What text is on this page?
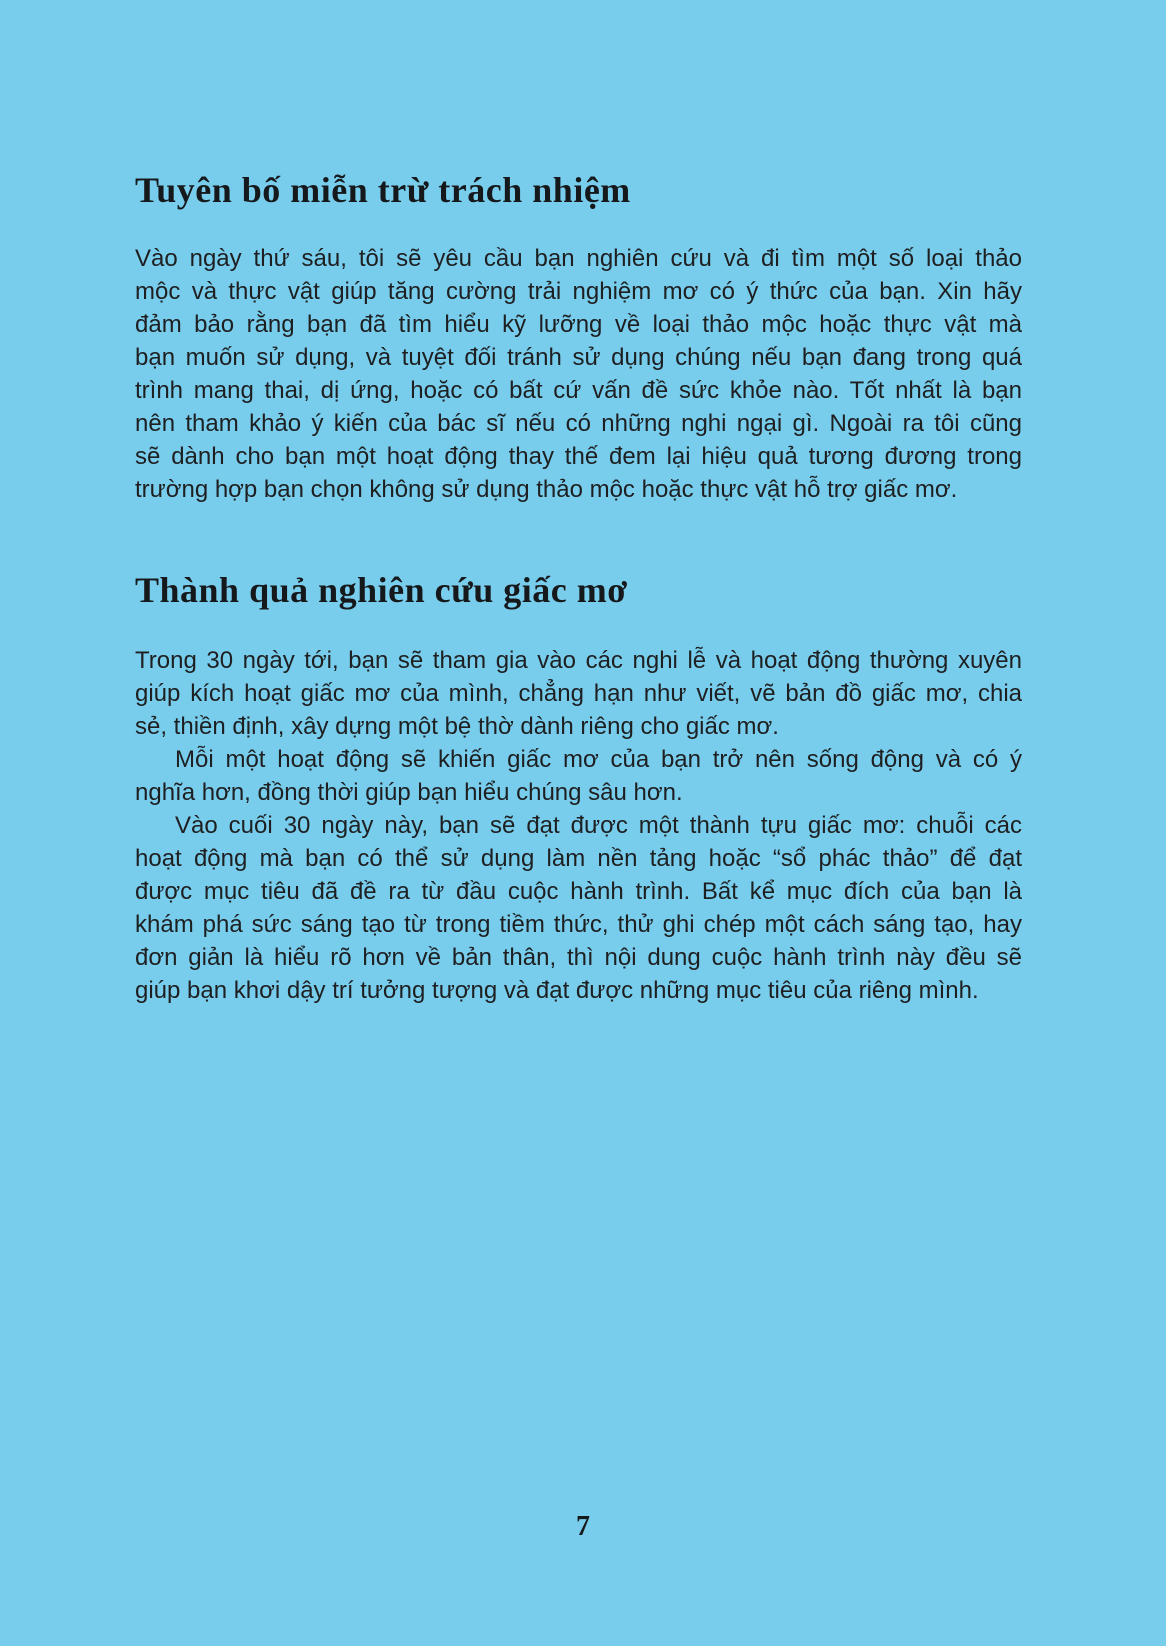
Tuyên bố miễn trừ trách nhiệm
Vào ngày thứ sáu, tôi sẽ yêu cầu bạn nghiên cứu và đi tìm một số loại thảo
mộc và thực vật giúp tăng cường trải nghiệm mơ có ý thức của bạn. Xin hãy
đảm bảo rằng bạn đã tìm hiểu kỹ lưỡng về loại thảo mộc hoặc thực vật mà
bạn muốn sử dụng, và tuyệt đối tránh sử dụng chúng nếu bạn đang trong quá
trình mang thai, dị ứng, hoặc có bất cứ vấn đề sức khỏe nào. Tốt nhất là bạn
nên tham khảo ý kiến của bác sĩ nếu có những nghi ngại gì. Ngoài ra tôi cũng
sẽ dành cho bạn một hoạt động thay thế đem lại hiệu quả tương đương trong
trường hợp bạn chọn không sử dụng thảo mộc hoặc thực vật hỗ trợ giấc mơ.
Thành quả nghiên cứu giấc mơ
Trong 30 ngày tới, bạn sẽ tham gia vào các nghi lễ và hoạt động thường xuyên
giúp kích hoạt giấc mơ của mình, chẳng hạn như viết, vẽ bản đồ giấc mơ, chia
sẻ, thiền định, xây dựng một bệ thờ dành riêng cho giấc mơ.
Mỗi một hoạt động sẽ khiến giấc mơ của bạn trở nên sống động và có ý
nghĩa hơn, đồng thời giúp bạn hiểu chúng sâu hơn.
Vào cuối 30 ngày này, bạn sẽ đạt được một thành tựu giấc mơ: chuỗi các
hoạt động mà bạn có thể sử dụng làm nền tảng hoặc “sổ phác thảo” để đạt
được mục tiêu đã đề ra từ đầu cuộc hành trình. Bất kể mục đích của bạn là
khám phá sức sáng tạo từ trong tiềm thức, thử ghi chép một cách sáng tạo, hay
đơn giản là hiểu rõ hơn về bản thân, thì nội dung cuộc hành trình này đều sẽ
giúp bạn khơi dậy trí tưởng tượng và đạt được những mục tiêu của riêng mình.
7
